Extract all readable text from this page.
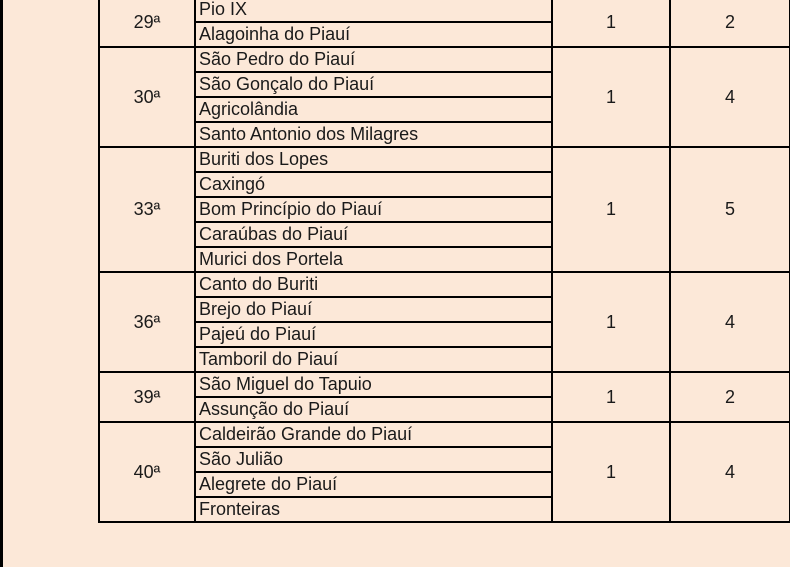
29ª	Pio IX	1	2
	Alagoinha do Piauí		
30ª	São Pedro do Piauí	1	4
	São Gonçalo do Piauí		
	Agricolândia		
	Santo Antonio dos Milagres		
33ª	Buriti dos Lopes	1	5
	Caxingó		
	Bom Princípio do Piauí		
	Caraúbas do Piauí		
	Murici dos Portela		
36ª	Canto do Buriti	1	4
	Brejo do Piauí		
	Pajeú do Piauí		
	Tamboril do Piauí		
39ª	São Miguel do Tapuio	1	2
	Assunção do Piauí		
40ª	Caldeirão Grande do Piauí	1	4
	São Julião		
	Alegrete do Piauí		
	Fronteiras		
